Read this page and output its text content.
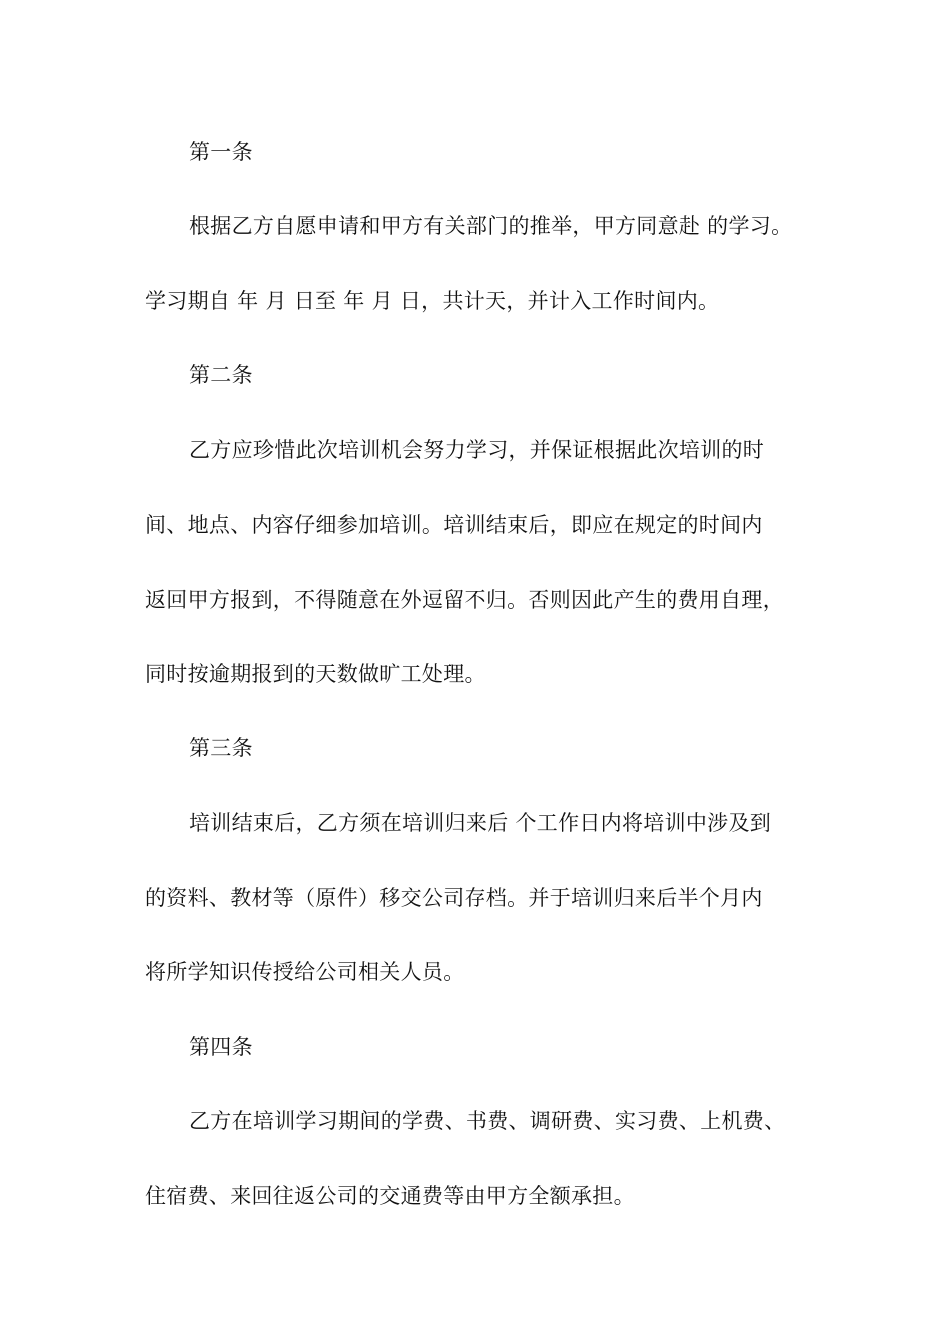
第一条
根据乙方自愿申请和甲方有关部门的推举，甲方同意赴 的学习。
学习期自 年 月 日至 年 月 日，共计天，并计入工作时间内。
第二条
乙方应珍惜此次培训机会努力学习，并保证根据此次培训的时
间、地点、内容仔细参加培训。培训结束后，即应在规定的时间内
返回甲方报到，不得随意在外逗留不归。否则因此产生的费用自理，
同时按逾期报到的天数做旷工处理。
第三条
培训结束后，乙方须在培训归来后 个工作日内将培训中涉及到
的资料、教材等（原件）移交公司存档。并于培训归来后半个月内
将所学知识传授给公司相关人员。
第四条
乙方在培训学习期间的学费、书费、调研费、实习费、上机费、
住宿费、来回往返公司的交通费等由甲方全额承担。
